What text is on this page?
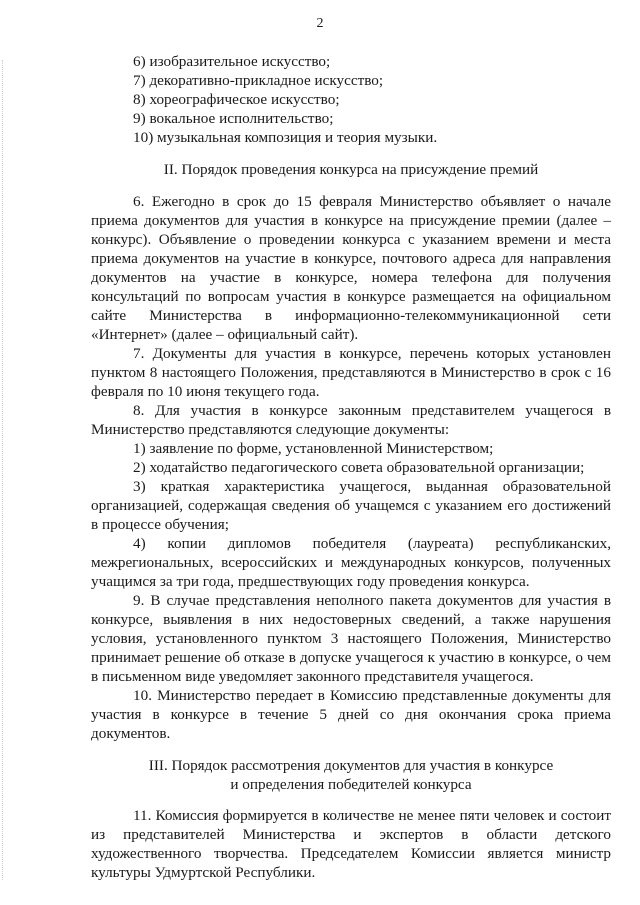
2
6) изобразительное искусство;
7) декоративно-прикладное искусство;
8) хореографическое искусство;
9) вокальное исполнительство;
10) музыкальная композиция и теория музыки.
II. Порядок проведения конкурса на присуждение премий
6. Ежегодно в срок до 15 февраля Министерство объявляет о начале приема документов для участия в конкурсе на присуждение премии (далее – конкурс). Объявление о проведении конкурса с указанием времени и места приема документов на участие в конкурсе, почтового адреса для направления документов на участие в конкурсе, номера телефона для получения консультаций по вопросам участия в конкурсе размещается на официальном сайте Министерства в информационно-телекоммуникационной сети «Интернет» (далее – официальный сайт).
7. Документы для участия в конкурсе, перечень которых установлен пунктом 8 настоящего Положения, представляются в Министерство в срок с 16 февраля по 10 июня текущего года.
8. Для участия в конкурсе законным представителем учащегося в Министерство представляются следующие документы:
1) заявление по форме, установленной Министерством;
2) ходатайство педагогического совета образовательной организации;
3) краткая характеристика учащегося, выданная образовательной организацией, содержащая сведения об учащемся с указанием его достижений в процессе обучения;
4) копии дипломов победителя (лауреата) республиканских, межрегиональных, всероссийских и международных конкурсов, полученных учащимся за три года, предшествующих году проведения конкурса.
9. В случае представления неполного пакета документов для участия в конкурсе, выявления в них недостоверных сведений, а также нарушения условия, установленного пунктом 3 настоящего Положения, Министерство принимает решение об отказе в допуске учащегося к участию в конкурсе, о чем в письменном виде уведомляет законного представителя учащегося.
10. Министерство передает в Комиссию представленные документы для участия в конкурсе в течение 5 дней со дня окончания срока приема документов.
III. Порядок рассмотрения документов для участия в конкурсе
и определения победителей конкурса
11. Комиссия формируется в количестве не менее пяти человек и состоит из представителей Министерства и экспертов в области детского художественного творчества. Председателем Комиссии является министр культуры Удмуртской Республики.
